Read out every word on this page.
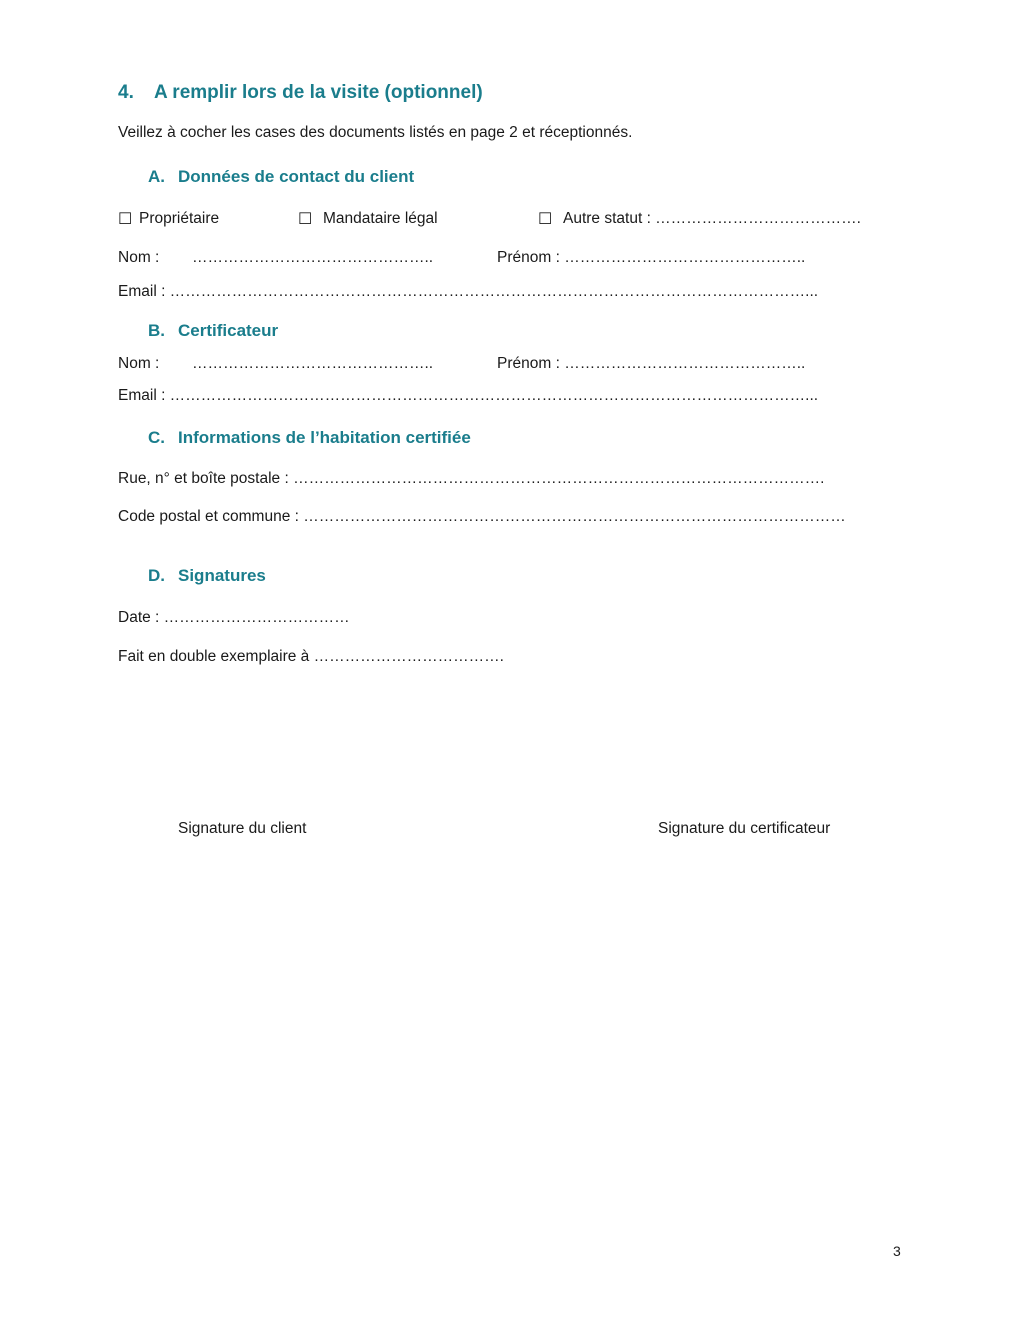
4. A remplir lors de la visite (optionnel)
Veillez à cocher les cases des documents listés en page 2 et réceptionnés.
A. Données de contact du client
☐ Propriétaire	☐ Mandataire légal	☐ Autre statut : ………………………………….
Nom : ………………………………………..	Prénom : ………………………………………..
Email : ……………………………………………………………………………………………………………...
B. Certificateur
Nom : ………………………………………..	Prénom : ………………………………………..
Email : ……………………………………………………………………………………………………………...
C. Informations de l’habitation certifiée
Rue, n° et boîte postale : ………………………………………………………………………………………….
Code postal et commune : ……………………………………………………………………………………………
D. Signatures
Date : ………………………………
Fait en double exemplaire à ……………………………….
Signature du client	Signature du certificateur
3
